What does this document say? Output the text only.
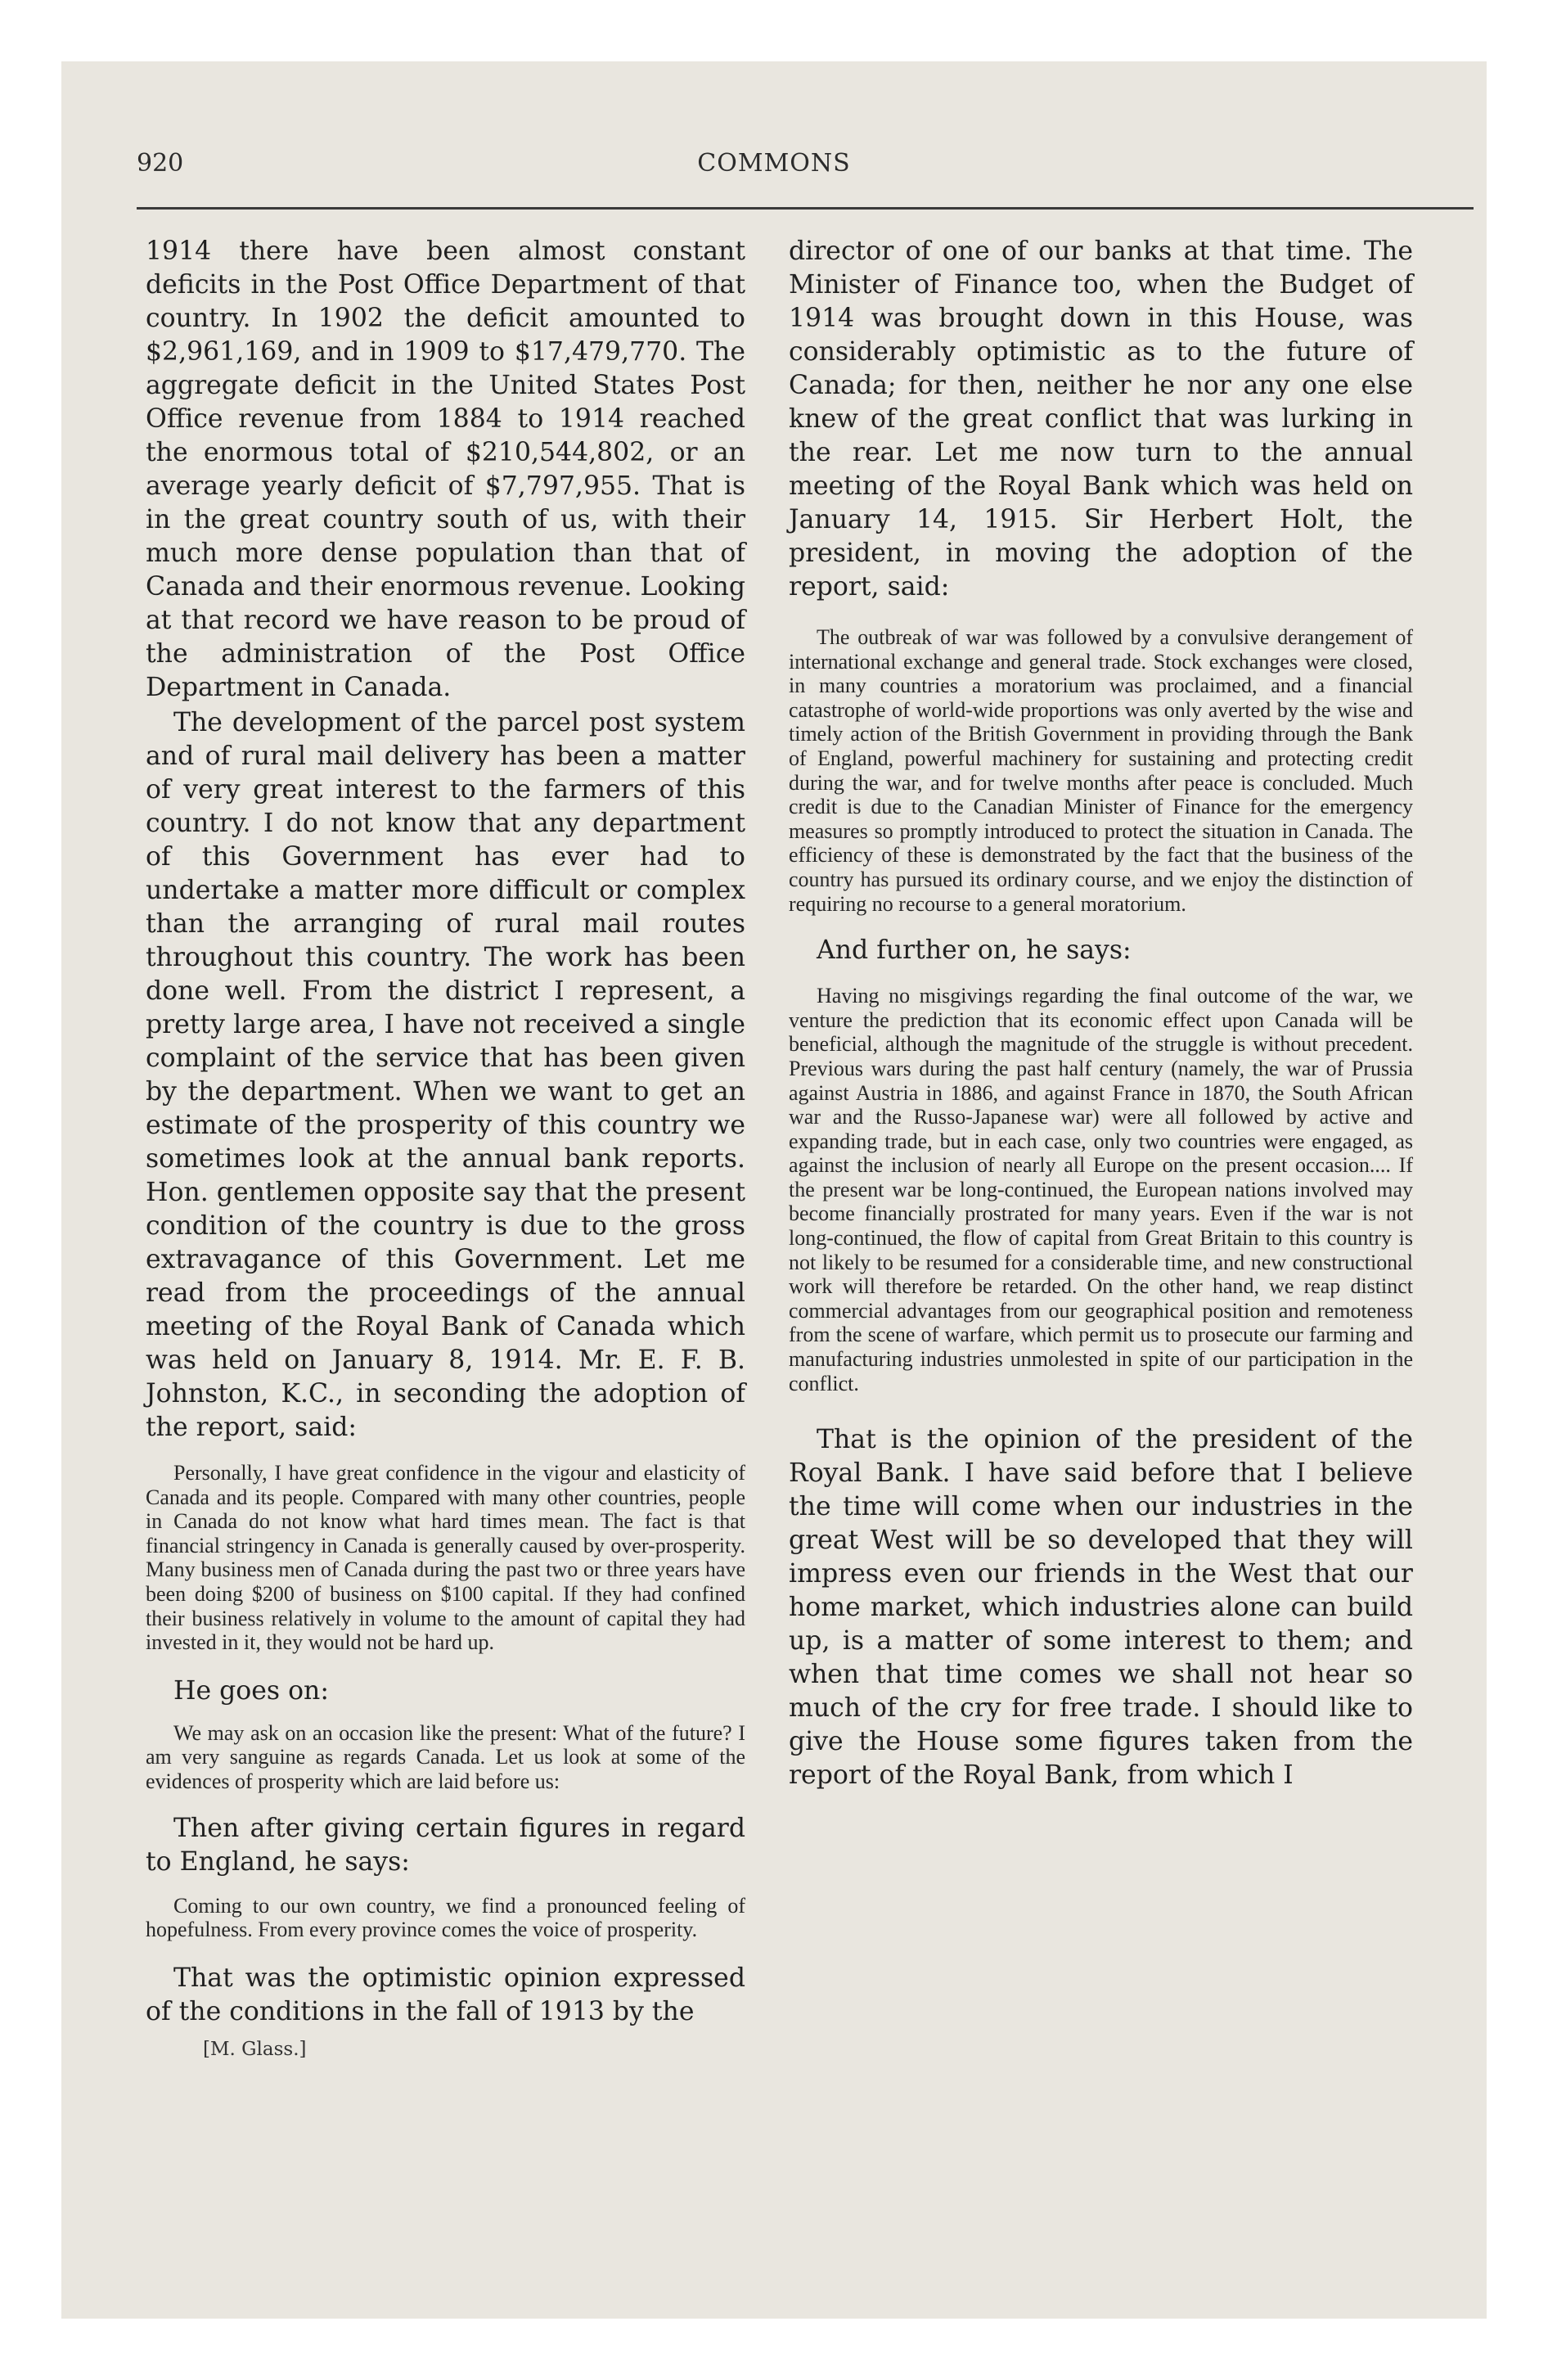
920	COMMONS

1914 there have been almost constant deficits in the Post Office Department of that country. In 1902 the deficit amounted to $2,961,169, and in 1909 to $17,479,770. The aggregate deficit in the United States Post Office revenue from 1884 to 1914 reached the enormous total of $210,544,802, or an average yearly deficit of $7,797,955. That is in the great country south of us, with their much more dense population than that of Canada and their enormous revenue. Looking at that record we have reason to be proud of the administration of the Post Office Department in Canada.

The development of the parcel post system and of rural mail delivery has been a matter of very great interest to the farmers of this country. I do not know that any department of this Government has ever had to undertake a matter more difficult or complex than the arranging of rural mail routes throughout this country. The work has been done well. From the district I represent, a pretty large area, I have not received a single complaint of the service that has been given by the department. When we want to get an estimate of the prosperity of this country we sometimes look at the annual bank reports. Hon. gentlemen opposite say that the present condition of the country is due to the gross extravagance of this Government. Let me read from the proceedings of the annual meeting of the Royal Bank of Canada which was held on January 8, 1914. Mr. E. F. B. Johnston, K.C., in seconding the adoption of the report, said:

Personally, I have great confidence in the vigour and elasticity of Canada and its people. Compared with many other countries, people in Canada do not know what hard times mean. The fact is that financial stringency in Canada is generally caused by over-prosperity. Many business men of Canada during the past two or three years have been doing $200 of business on $100 capital. If they had confined their business relatively in volume to the amount of capital they had invested in it, they would not be hard up.

He goes on:

We may ask on an occasion like the present: What of the future? I am very sanguine as regards Canada. Let us look at some of the evidences of prosperity which are laid before us:

Then after giving certain figures in regard to England, he says:

Coming to our own country, we find a pronounced feeling of hopefulness. From every province comes the voice of prosperity.

That was the optimistic opinion expressed of the conditions in the fall of 1913 by the

[M. Glass.]

director of one of our banks at that time. The Minister of Finance too, when the Budget of 1914 was brought down in this House, was considerably optimistic as to the future of Canada; for then, neither he nor any one else knew of the great conflict that was lurking in the rear. Let me now turn to the annual meeting of the Royal Bank which was held on January 14, 1915. Sir Herbert Holt, the president, in moving the adoption of the report, said:

The outbreak of war was followed by a convulsive derangement of international exchange and general trade. Stock exchanges were closed, in many countries a moratorium was proclaimed, and a financial catastrophe of world-wide proportions was only averted by the wise and timely action of the British Government in providing through the Bank of England, powerful machinery for sustaining and protecting credit during the war, and for twelve months after peace is concluded. Much credit is due to the Canadian Minister of Finance for the emergency measures so promptly introduced to protect the situation in Canada. The efficiency of these is demonstrated by the fact that the business of the country has pursued its ordinary course, and we enjoy the distinction of requiring no recourse to a general moratorium.

And further on, he says:

Having no misgivings regarding the final outcome of the war, we venture the prediction that its economic effect upon Canada will be beneficial, although the magnitude of the struggle is without precedent. Previous wars during the past half century (namely, the war of Prussia against Austria in 1886, and against France in 1870, the South African war and the Russo-Japanese war) were all followed by active and expanding trade, but in each case, only two countries were engaged, as against the inclusion of nearly all Europe on the present occasion.... If the present war be long-continued, the European nations involved may become financially prostrated for many years. Even if the war is not long-continued, the flow of capital from Great Britain to this country is not likely to be resumed for a considerable time, and new constructional work will therefore be retarded. On the other hand, we reap distinct commercial advantages from our geographical position and remoteness from the scene of warfare, which permit us to prosecute our farming and manufacturing industries unmolested in spite of our participation in the conflict.

That is the opinion of the president of the Royal Bank. I have said before that I believe the time will come when our industries in the great West will be so developed that they will impress even our friends in the West that our home market, which industries alone can build up, is a matter of some interest to them; and when that time comes we shall not hear so much of the cry for free trade. I should like to give the House some figures taken from the report of the Royal Bank, from which I
